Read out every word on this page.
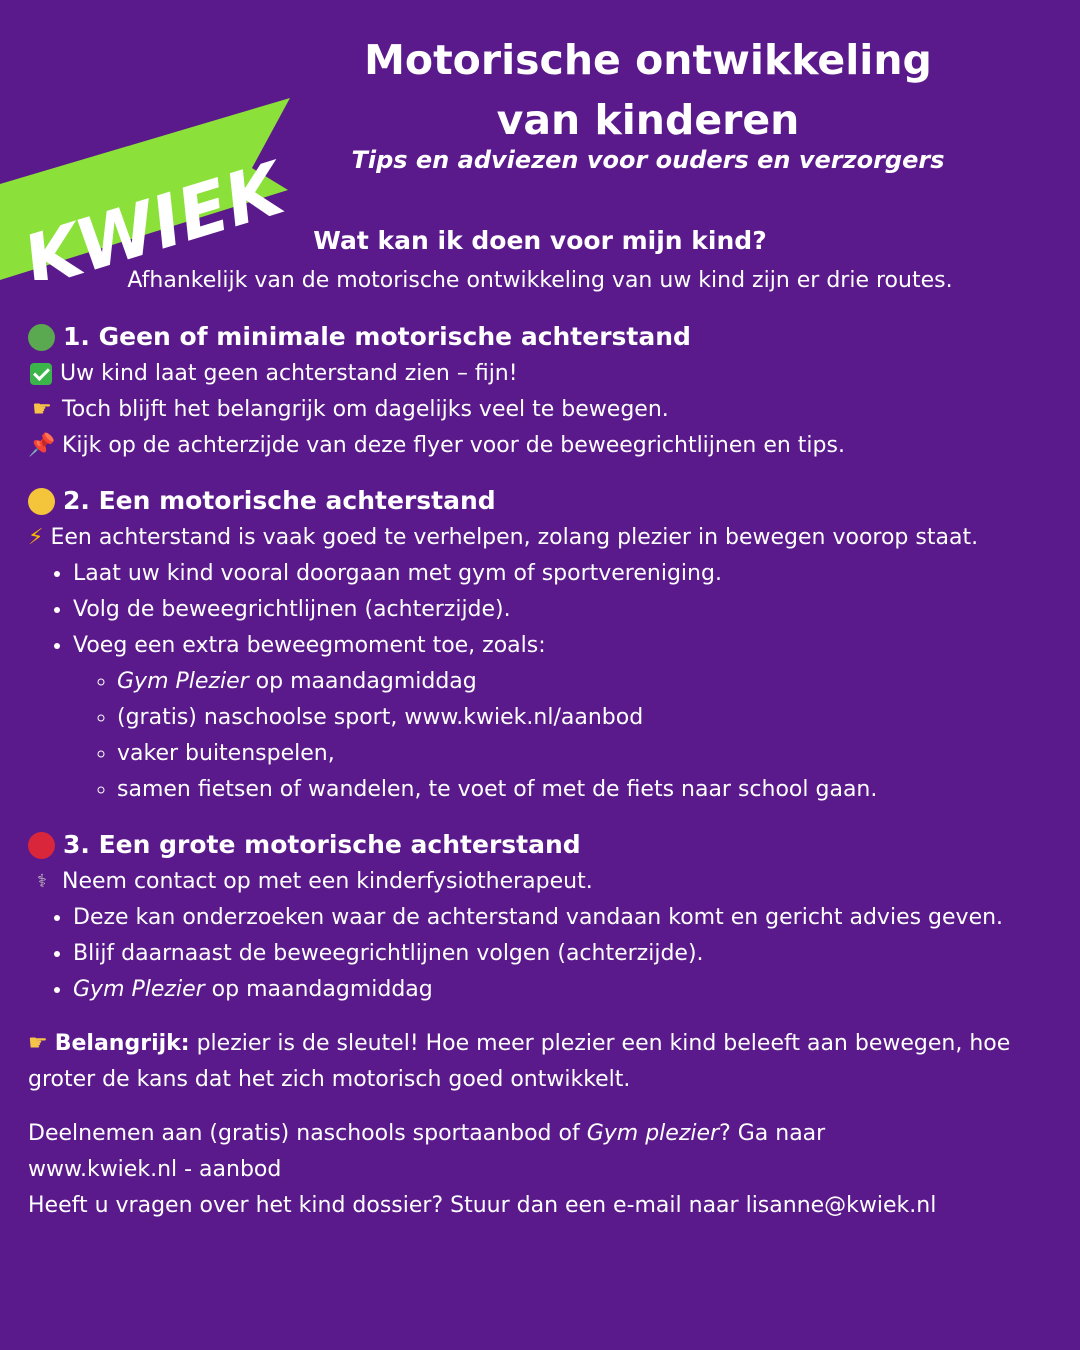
KWIEK
Motorische ontwikkeling van kinderen

Tips en adviezen voor ouders en verzorgers

Wat kan ik doen voor mijn kind?

Afhankelijk van de motorische ontwikkeling van uw kind zijn er drie routes.

1. Geen of minimale motorische achterstand

Uw kind laat geen achterstand zien – fijn!

☛ Toch blijft het belangrijk om dagelijks veel te bewegen.

📌 Kijk op de achterzijde van deze flyer voor de beweegrichtlijnen en tips.

2. Een motorische achterstand

⚡ Een achterstand is vaak goed te verhelpen, zolang plezier in bewegen voorop staat.

• Laat uw kind vooral doorgaan met gym of sportvereniging.
• Volg de beweegrichtlijnen (achterzijde).
• Voeg een extra beweegmoment toe, zoals:
◦ Gym Plezier op maandagmiddag
◦ (gratis) naschoolse sport, www.kwiek.nl/aanbod
◦ vaker buitenspelen,
◦ samen fietsen of wandelen, te voet of met de fiets naar school gaan.

3. Een grote motorische achterstand

⚕ Neem contact op met een kinderfysiotherapeut.

• Deze kan onderzoeken waar de achterstand vandaan komt en gericht advies geven.
• Blijf daarnaast de beweegrichtlijnen volgen (achterzijde).
• Gym Plezier op maandagmiddag

☛ Belangrijk: plezier is de sleutel! Hoe meer plezier een kind beleeft aan bewegen, hoe groter de kans dat het zich motorisch goed ontwikkelt.

Deelnemen aan (gratis) naschools sportaanbod of Gym plezier? Ga naar

www.kwiek.nl - aanbod

Heeft u vragen over het kind dossier? Stuur dan een e-mail naar lisanne@kwiek.nl
